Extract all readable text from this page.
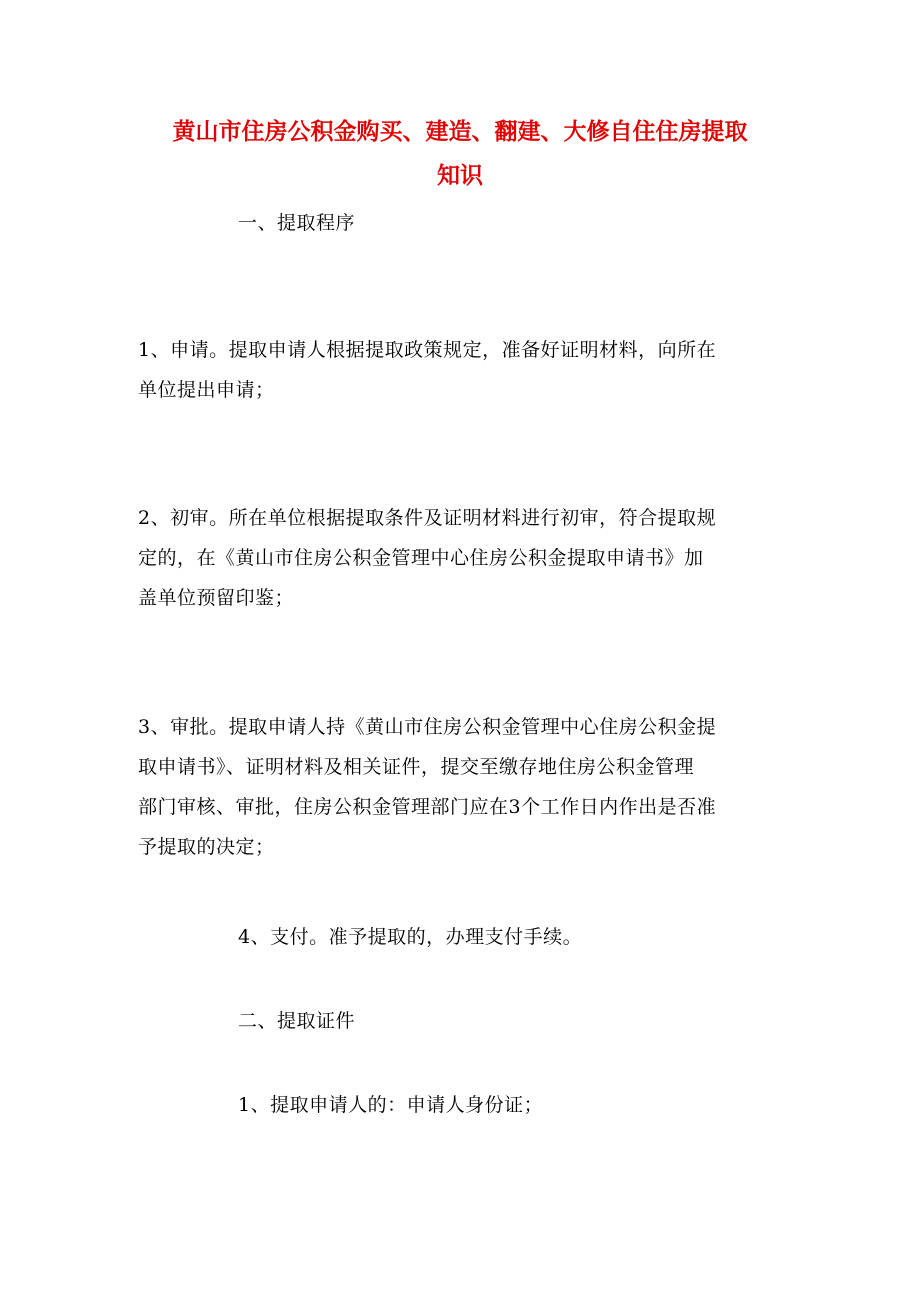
黄山市住房公积金购买、建造、翻建、大修自住住房提取
知识
一、提取程序
1、申请。提取申请人根据提取政策规定，准备好证明材料，向所在
单位提出申请；
2、初审。所在单位根据提取条件及证明材料进行初审，符合提取规
定的，在《黄山市住房公积金管理中心住房公积金提取申请书》加
盖单位预留印鉴；
3、审批。提取申请人持《黄山市住房公积金管理中心住房公积金提
取申请书》、证明材料及相关证件，提交至缴存地住房公积金管理
部门审核、审批，住房公积金管理部门应在3个工作日内作出是否准
予提取的决定；
4、支付。准予提取的，办理支付手续。
二、提取证件
1、提取申请人的：申请人身份证；
